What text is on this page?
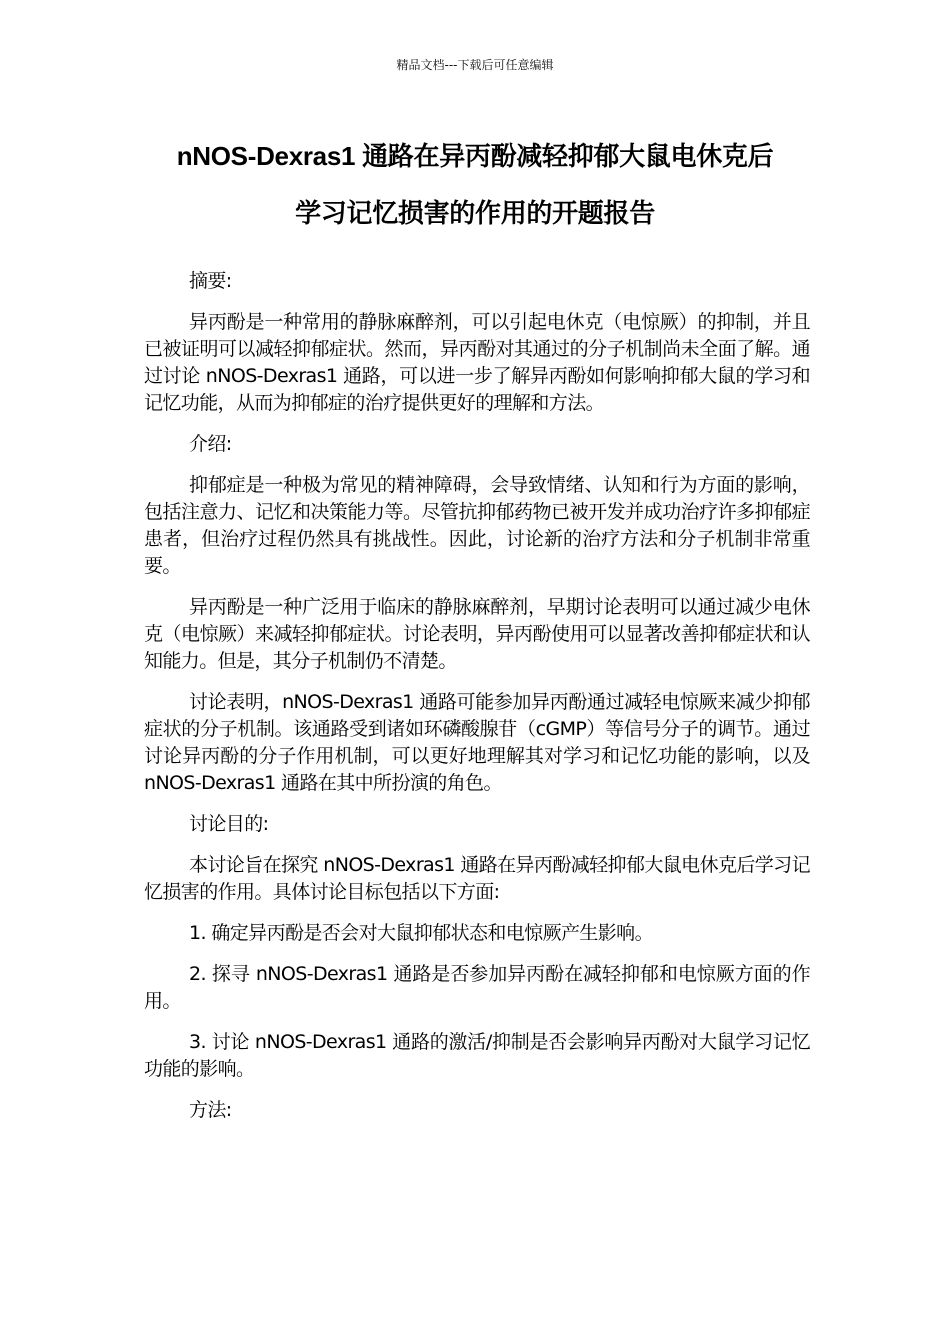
精品文档---下载后可任意编辑
nNOS-Dexras1 通路在异丙酚减轻抑郁大鼠电休克后
学习记忆损害的作用的开题报告

摘要:

异丙酚是一种常用的静脉麻醉剂，可以引起电休克（电惊厥）的抑制，并且已被证明可以减轻抑郁症状。然而，异丙酚对其通过的分子机制尚未全面了解。通过讨论 nNOS-Dexras1 通路，可以进一步了解异丙酚如何影响抑郁大鼠的学习和记忆功能，从而为抑郁症的治疗提供更好的理解和方法。

介绍:

抑郁症是一种极为常见的精神障碍，会导致情绪、认知和行为方面的影响，包括注意力、记忆和决策能力等。尽管抗抑郁药物已被开发并成功治疗许多抑郁症患者，但治疗过程仍然具有挑战性。因此，讨论新的治疗方法和分子机制非常重要。

异丙酚是一种广泛用于临床的静脉麻醉剂，早期讨论表明可以通过减少电休克（电惊厥）来减轻抑郁症状。讨论表明，异丙酚使用可以显著改善抑郁症状和认知能力。但是，其分子机制仍不清楚。

讨论表明，nNOS-Dexras1 通路可能参加异丙酚通过减轻电惊厥来减少抑郁症状的分子机制。该通路受到诸如环磷酸腺苷（cGMP）等信号分子的调节。通过讨论异丙酚的分子作用机制，可以更好地理解其对学习和记忆功能的影响，以及 nNOS-Dexras1 通路在其中所扮演的角色。

讨论目的:

本讨论旨在探究 nNOS-Dexras1 通路在异丙酚减轻抑郁大鼠电休克后学习记忆损害的作用。具体讨论目标包括以下方面:

1. 确定异丙酚是否会对大鼠抑郁状态和电惊厥产生影响。

2. 探寻 nNOS-Dexras1 通路是否参加异丙酚在减轻抑郁和电惊厥方面的作用。

3. 讨论 nNOS-Dexras1 通路的激活/抑制是否会影响异丙酚对大鼠学习记忆功能的影响。

方法:
